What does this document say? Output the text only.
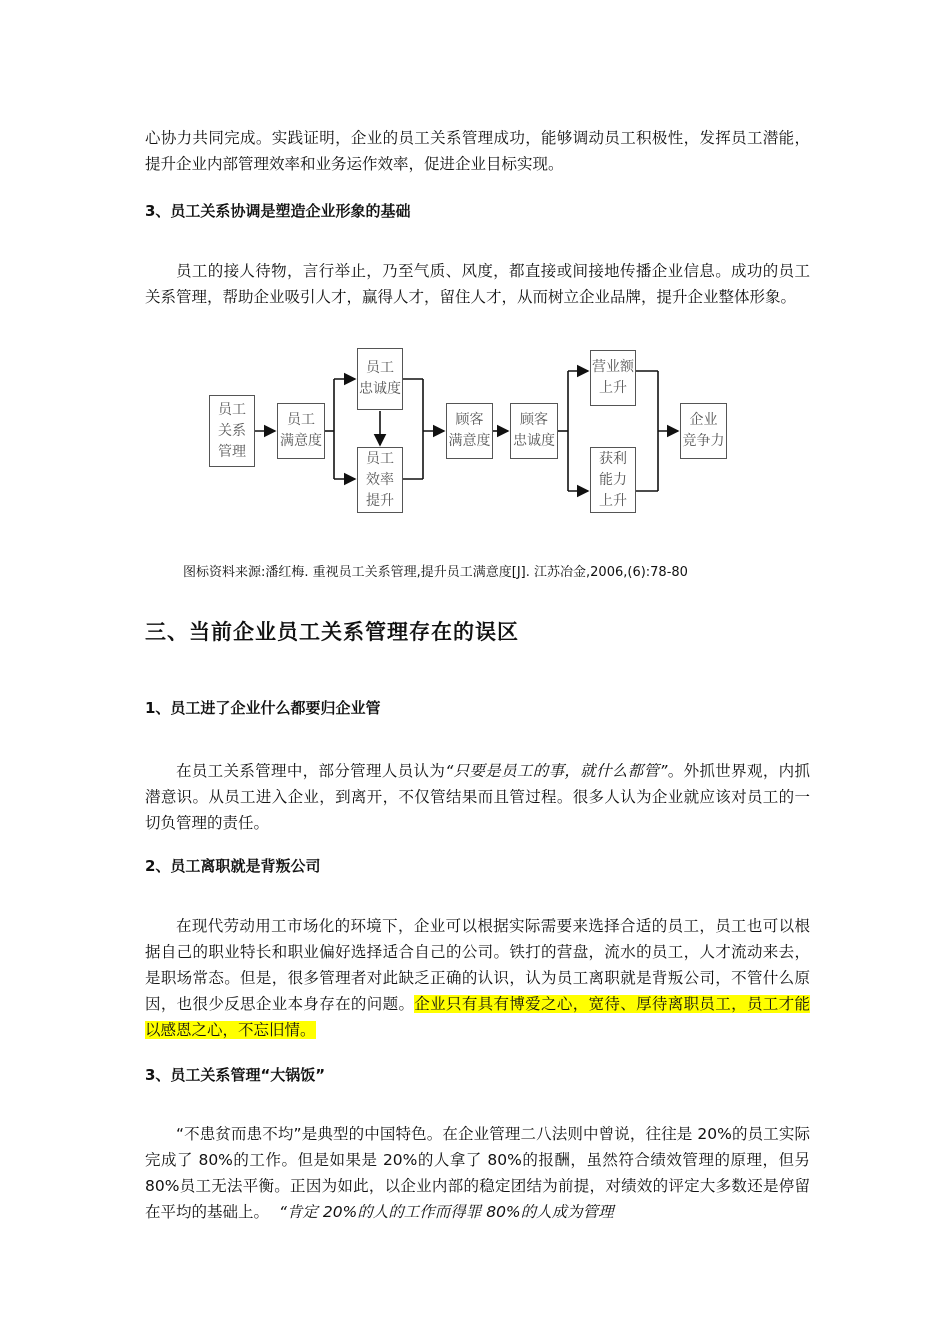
心协力共同完成。实践证明，企业的员工关系管理成功，能够调动员工积极性，发挥员工潜能，提升企业内部管理效率和业务运作效率，促进企业目标实现。
3、员工关系协调是塑造企业形象的基础
员工的接人待物，言行举止，乃至气质、风度，都直接或间接地传播企业信息。成功的员工关系管理，帮助企业吸引人才，赢得人才，留住人才，从而树立企业品牌，提升企业整体形象。
员工
关系
管理
员工
满意度
员工
忠诚度
员工
效率
提升
顾客
满意度
顾客
忠诚度
营业额
上升
获利
能力
上升
企业
竞争力
图标资料来源:潘红梅. 重视员工关系管理,提升员工满意度[J]. 江苏冶金,2006,(6):78-80
三、当前企业员工关系管理存在的误区
1、员工进了企业什么都要归企业管
在员工关系管理中，部分管理人员认为“只要是员工的事，就什么都管”。外抓世界观，内抓潜意识。从员工进入企业，到离开，不仅管结果而且管过程。很多人认为企业就应该对员工的一切负管理的责任。
2、员工离职就是背叛公司
在现代劳动用工市场化的环境下，企业可以根据实际需要来选择合适的员工，员工也可以根据自己的职业特长和职业偏好选择适合自己的公司。铁打的营盘，流水的员工，人才流动来去，是职场常态。但是，很多管理者对此缺乏正确的认识，认为员工离职就是背叛公司，不管什么原因，也很少反思企业本身存在的问题。企业只有具有博爱之心，宽待、厚待离职员工，员工才能以感恩之心，不忘旧情。
3、员工关系管理“大锅饭”
“不患贫而患不均”是典型的中国特色。在企业管理二八法则中曾说，往往是 20%的员工实际完成了 80%的工作。但是如果是 20%的人拿了 80%的报酬，虽然符合绩效管理的原理，但另 80%员工无法平衡。正因为如此，以企业内部的稳定团结为前提，对绩效的评定大多数还是停留在平均的基础上。 “肯定 20%的人的工作而得罪 80%的人成为管理
